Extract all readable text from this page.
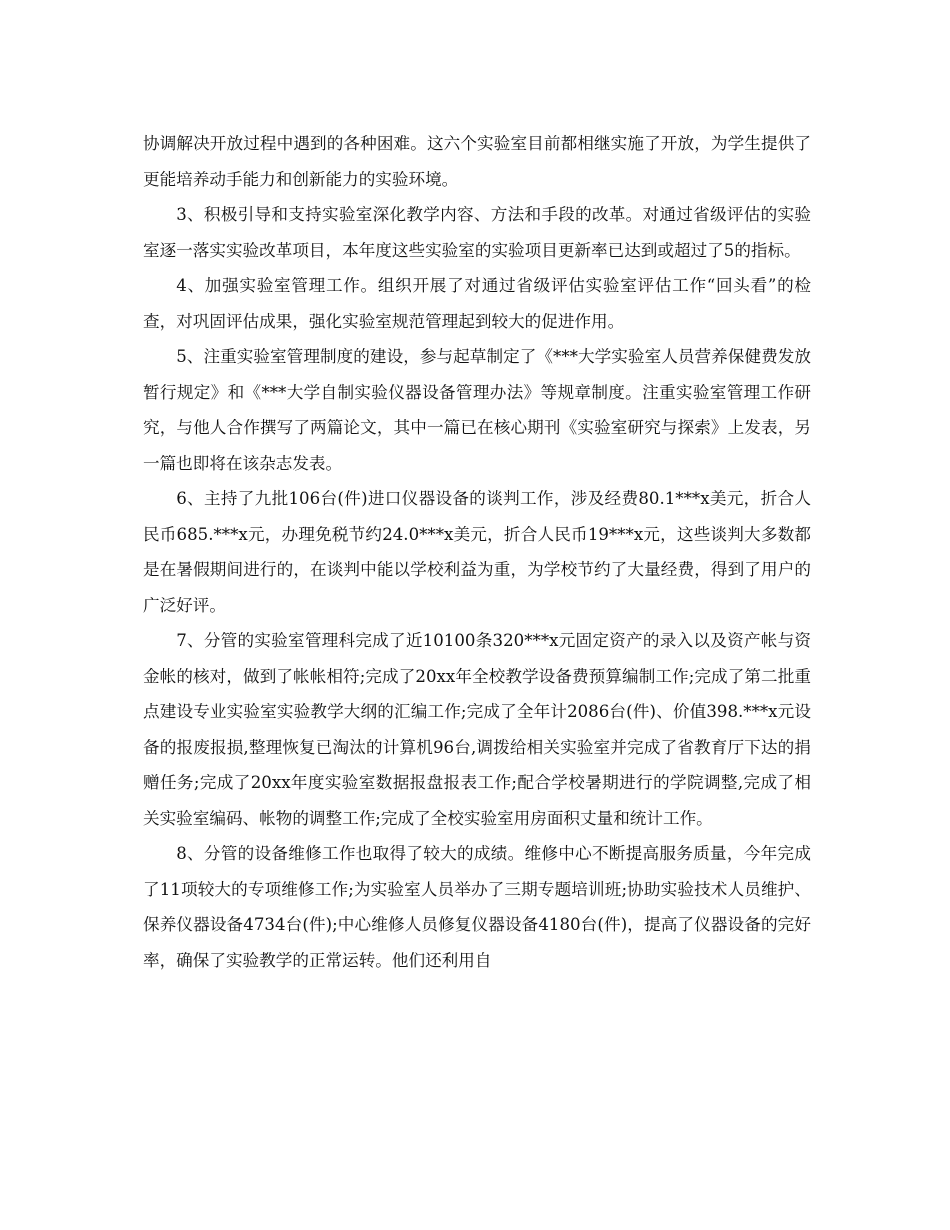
协调解决开放过程中遇到的各种困难。这六个实验室目前都相继实施了开放，为学生提供了更能培养动手能力和创新能力的实验环境。

3、积极引导和支持实验室深化教学内容、方法和手段的改革。对通过省级评估的实验室逐一落实实验改革项目，本年度这些实验室的实验项目更新率已达到或超过了5的指标。

4、加强实验室管理工作。组织开展了对通过省级评估实验室评估工作“回头看”的检查，对巩固评估成果，强化实验室规范管理起到较大的促进作用。

5、注重实验室管理制度的建设，参与起草制定了《***大学实验室人员营养保健费发放暂行规定》和《***大学自制实验仪器设备管理办法》等规章制度。注重实验室管理工作研究，与他人合作撰写了两篇论文，其中一篇已在核心期刊《实验室研究与探索》上发表，另一篇也即将在该杂志发表。

6、主持了九批106台(件)进口仪器设备的谈判工作，涉及经费80.1***x美元，折合人民币685.***x元，办理免税节约24.0***x美元，折合人民币19***x元，这些谈判大多数都是在暑假期间进行的，在谈判中能以学校利益为重，为学校节约了大量经费，得到了用户的广泛好评。

7、分管的实验室管理科完成了近10100条320***x元固定资产的录入以及资产帐与资金帐的核对，做到了帐帐相符;完成了20xx年全校教学设备费预算编制工作;完成了第二批重点建设专业实验室实验教学大纲的汇编工作;完成了全年计2086台(件)、价值398.***x元设备的报废报损,整理恢复已淘汰的计算机96台,调拨给相关实验室并完成了省教育厅下达的捐赠任务;完成了20xx年度实验室数据报盘报表工作;配合学校暑期进行的学院调整,完成了相关实验室编码、帐物的调整工作;完成了全校实验室用房面积丈量和统计工作。

8、分管的设备维修工作也取得了较大的成绩。维修中心不断提高服务质量，今年完成了11项较大的专项维修工作;为实验室人员举办了三期专题培训班;协助实验技术人员维护、保养仪器设备4734台(件);中心维修人员修复仪器设备4180台(件)，提高了仪器设备的完好率，确保了实验教学的正常运转。他们还利用自
